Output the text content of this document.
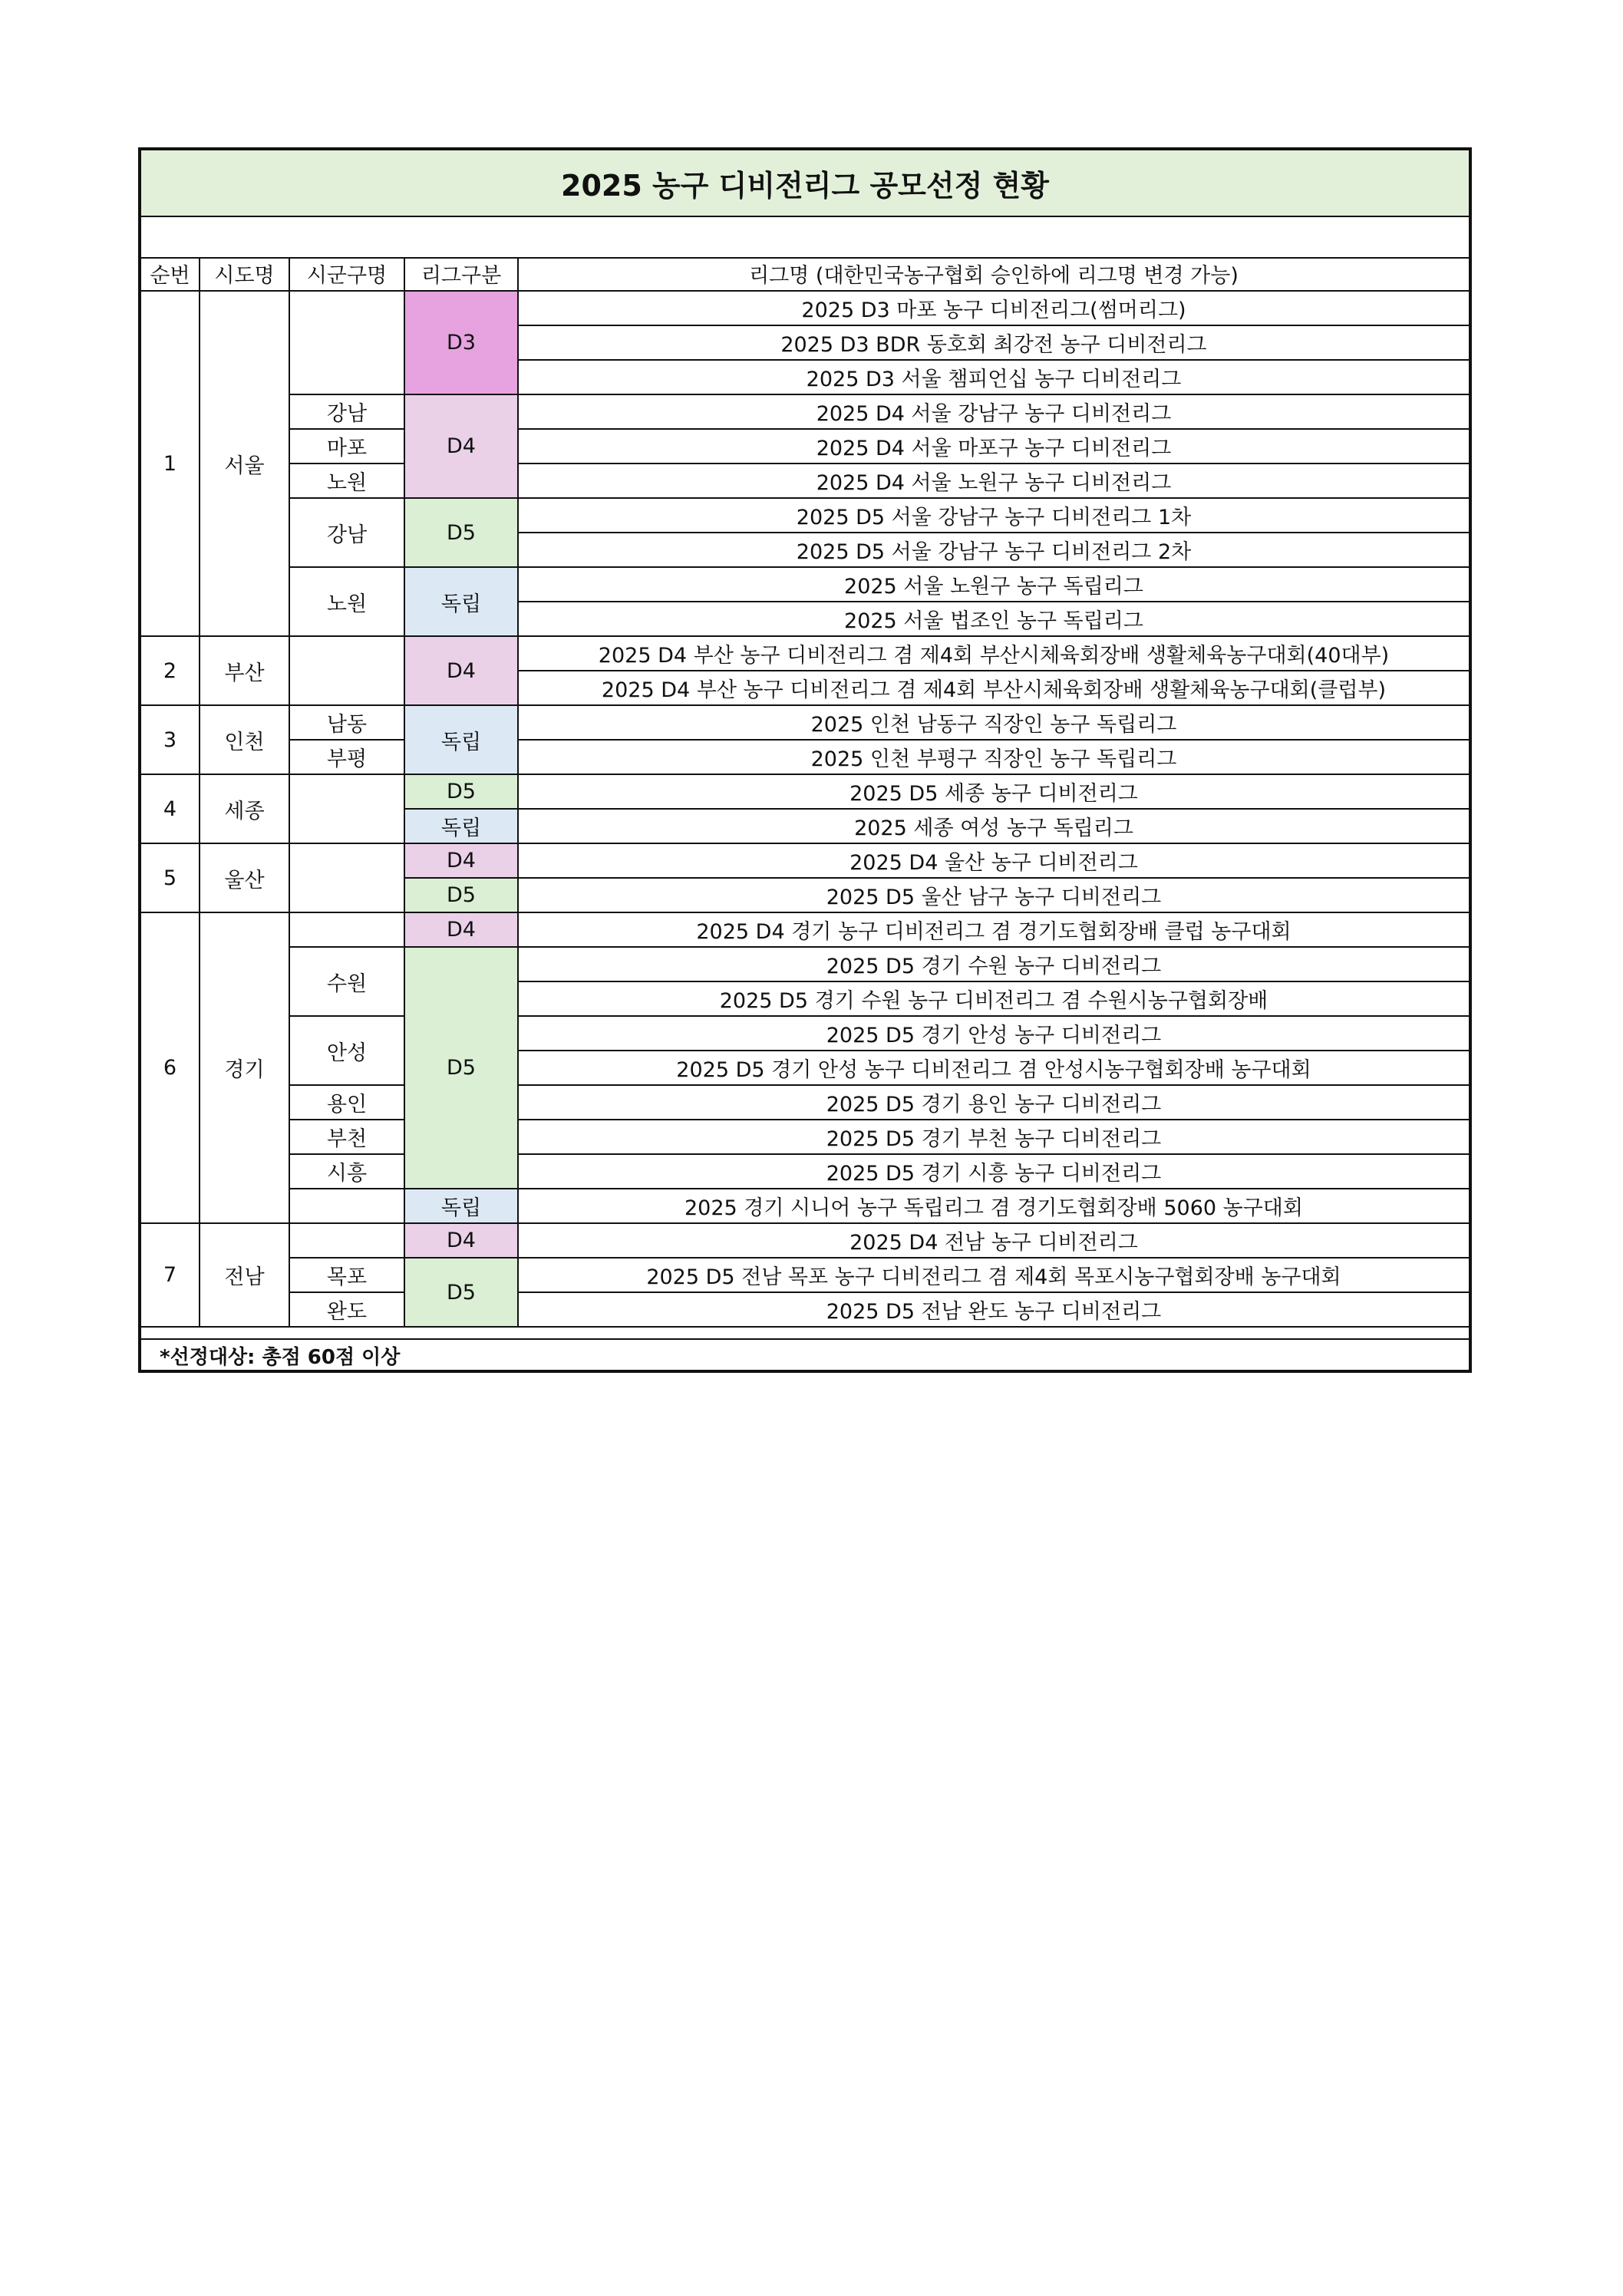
2025 농구 디비전리그 공모선정 현황
순번	시도명	시군구명	리그구분	리그명 (대한민국농구협회 승인하에 리그명 변경 가능)
1	서울		D3	2025 D3 마포 농구 디비전리그(썸머리그)
				2025 D3 BDR 동호회 최강전 농구 디비전리그
				2025 D3 서울 챔피언십 농구 디비전리그
		강남	D4	2025 D4 서울 강남구 농구 디비전리그
		마포		2025 D4 서울 마포구 농구 디비전리그
		노원		2025 D4 서울 노원구 농구 디비전리그
		강남	D5	2025 D5 서울 강남구 농구 디비전리그 1차
				2025 D5 서울 강남구 농구 디비전리그 2차
		노원	독립	2025 서울 노원구 농구 독립리그
				2025 서울 법조인 농구 독립리그
2	부산		D4	2025 D4 부산 농구 디비전리그 겸 제4회 부산시체육회장배 생활체육농구대회(40대부)
				2025 D4 부산 농구 디비전리그 겸 제4회 부산시체육회장배 생활체육농구대회(클럽부)
3	인천	남동	독립	2025 인천 남동구 직장인 농구 독립리그
		부평		2025 인천 부평구 직장인 농구 독립리그
4	세종		D5	2025 D5 세종 농구 디비전리그
			독립	2025 세종 여성 농구 독립리그
5	울산		D4	2025 D4 울산 농구 디비전리그
			D5	2025 D5 울산 남구 농구 디비전리그
6	경기		D4	2025 D4 경기 농구 디비전리그 겸 경기도협회장배 클럽 농구대회
		수원	D5	2025 D5 경기 수원 농구 디비전리그
				2025 D5 경기 수원 농구 디비전리그 겸 수원시농구협회장배
		안성		2025 D5 경기 안성 농구 디비전리그
				2025 D5 경기 안성 농구 디비전리그 겸 안성시농구협회장배 농구대회
		용인		2025 D5 경기 용인 농구 디비전리그
		부천		2025 D5 경기 부천 농구 디비전리그
		시흥		2025 D5 경기 시흥 농구 디비전리그
			독립	2025 경기 시니어 농구 독립리그 겸 경기도협회장배 5060 농구대회
7	전남		D4	2025 D4 전남 농구 디비전리그
		목포	D5	2025 D5 전남 목포 농구 디비전리그 겸 제4회 목포시농구협회장배 농구대회
		완도		2025 D5 전남 완도 농구 디비전리그
*선정대상: 총점 60점 이상
